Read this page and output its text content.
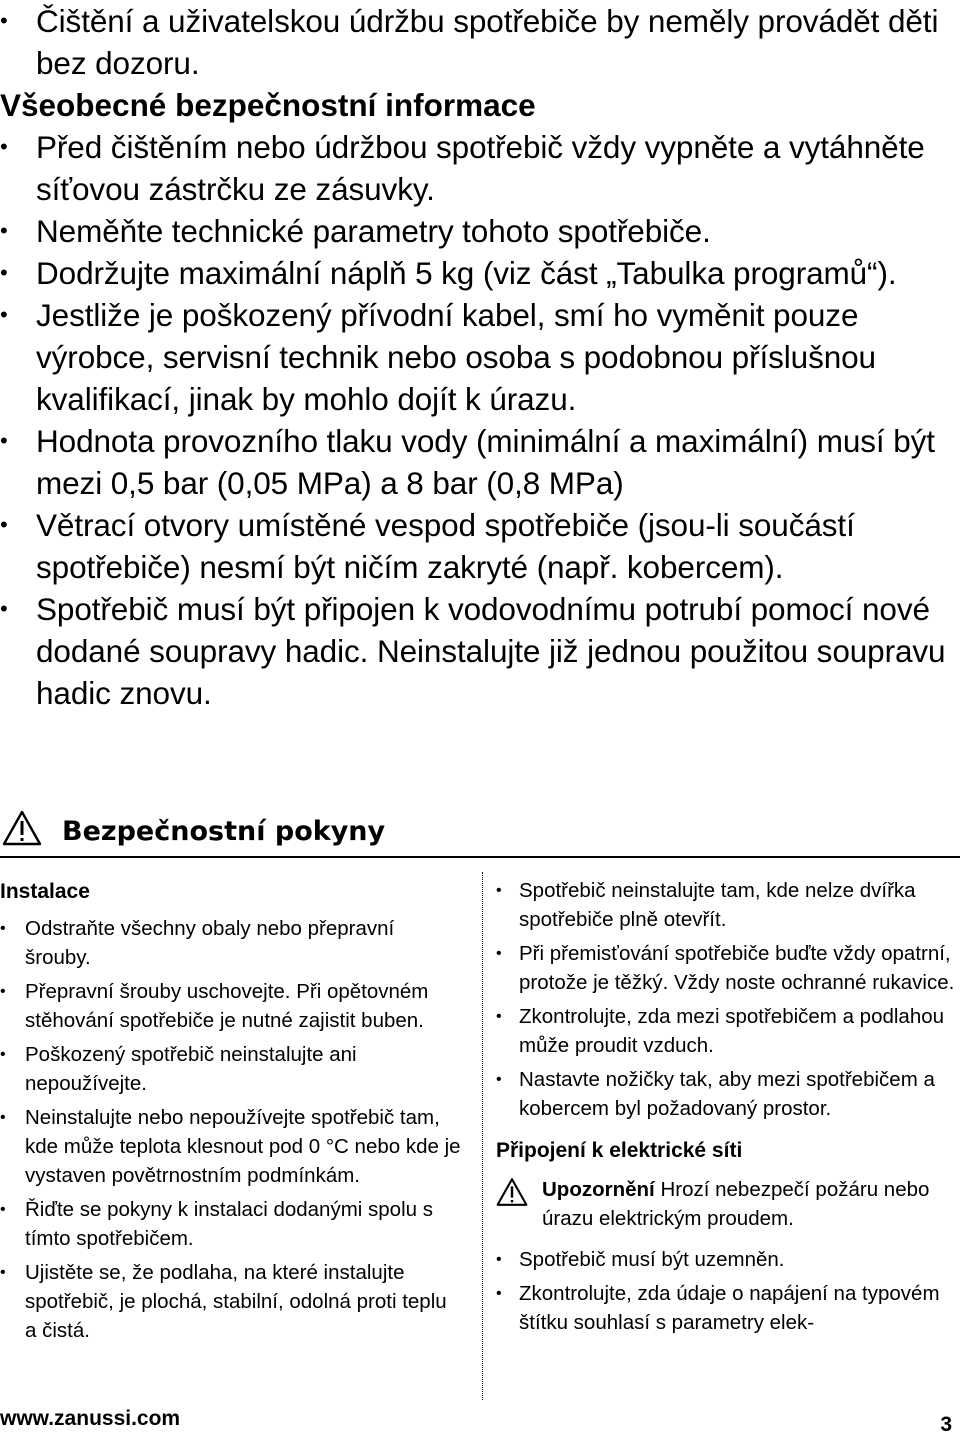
• Čištění a uživatelskou údržbu spotřebiče by neměly provádět děti bez dozoru.
Všeobecné bezpečnostní informace
• Před čištěním nebo údržbou spotřebič vždy vypněte a vytáhněte síťovou zástrčku ze zásuvky.
• Neměňte technické parametry tohoto spotřebiče.
• Dodržujte maximální náplň 5 kg (viz část „Tabulka programů“).
• Jestliže je poškozený přívodní kabel, smí ho vyměnit pouze výrobce, servisní technik nebo osoba s podobnou příslušnou kvalifikací, jinak by mohlo dojít k úrazu.
• Hodnota provozního tlaku vody (minimální a maximální) musí být mezi 0,5 bar (0,05 MPa) a 8 bar (0,8 MPa)
• Větrací otvory umístěné vespod spotřebiče (jsou-li součástí spotřebiče) nesmí být ničím zakryté (např. kobercem).
• Spotřebič musí být připojen k vodovodnímu potrubí pomocí nové dodané soupravy hadic. Neinstalujte již jednou použitou soupravu hadic znovu.
Bezpečnostní pokyny
Instalace
• Odstraňte všechny obaly nebo přepravní šrouby.
• Přepravní šrouby uschovejte. Při opětovném stěhování spotřebiče je nutné zajistit buben.
• Poškozený spotřebič neinstalujte ani nepoužívejte.
• Neinstalujte nebo nepoužívejte spotřebič tam, kde může teplota klesnout pod 0 °C nebo kde je vystaven povětrnostním podmínkám.
• Řiďte se pokyny k instalaci dodanými spolu s tímto spotřebičem.
• Ujistěte se, že podlaha, na které instalujte spotřebič, je plochá, stabilní, odolná proti teplu a čistá.
• Spotřebič neinstalujte tam, kde nelze dvířka spotřebiče plně otevřít.
• Při přemisťování spotřebiče buďte vždy opatrní, protože je těžký. Vždy noste ochranné rukavice.
• Zkontrolujte, zda mezi spotřebičem a podlahou může proudit vzduch.
• Nastavte nožičky tak, aby mezi spotřebičem a kobercem byl požadovaný prostor.
Připojení k elektrické síti
Upozornění Hrozí nebezpečí požáru nebo úrazu elektrickým proudem.
• Spotřebič musí být uzemněn.
• Zkontrolujte, zda údaje o napájení na typovém štítku souhlasí s parametry elek-
www.zanussi.com	3
